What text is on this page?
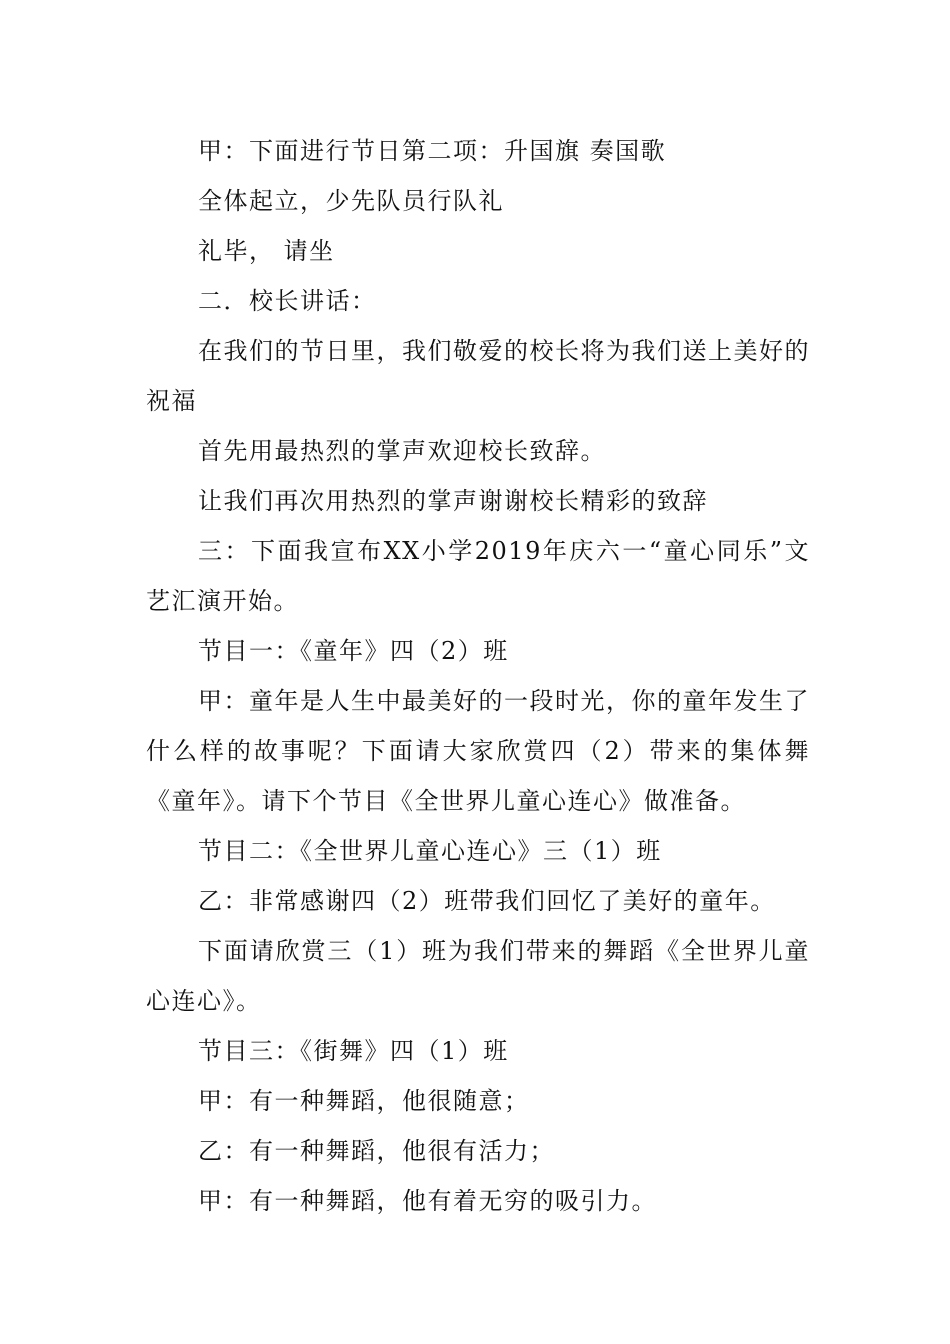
甲：下面进行节日第二项：升国旗 奏国歌

全体起立，少先队员行队礼

礼毕， 请坐

二．校长讲话：

在我们的节日里，我们敬爱的校长将为我们送上美好的祝福

首先用最热烈的掌声欢迎校长致辞。

让我们再次用热烈的掌声谢谢校长精彩的致辞

三：下面我宣布XX小学2019年庆六一“童心同乐”文艺汇演开始。

节目一：《童年》四（2）班

甲：童年是人生中最美好的一段时光，你的童年发生了什么样的故事呢？下面请大家欣赏四（2）带来的集体舞《童年》。请下个节目《全世界儿童心连心》做准备。

节目二：《全世界儿童心连心》三（1）班

乙：非常感谢四（2）班带我们回忆了美好的童年。

下面请欣赏三（1）班为我们带来的舞蹈《全世界儿童心连心》。

节目三：《街舞》四（1）班

甲：有一种舞蹈，他很随意；

乙：有一种舞蹈，他很有活力；

甲：有一种舞蹈，他有着无穷的吸引力。
